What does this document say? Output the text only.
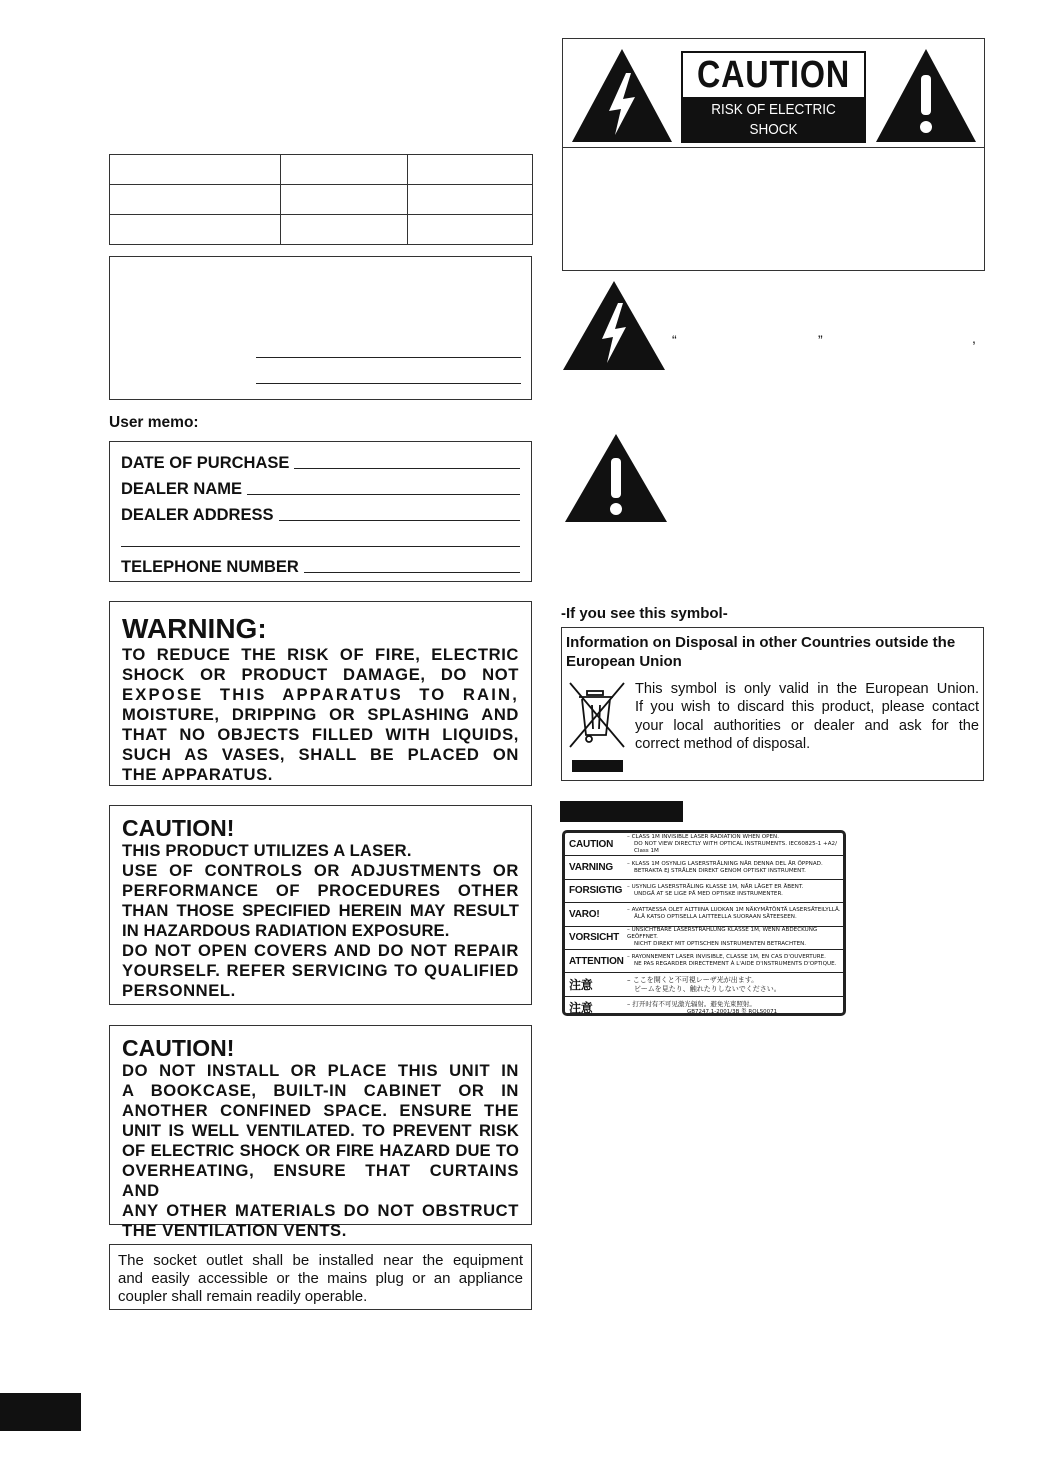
User memo:
DATE OF PURCHASE
DEALER NAME
DEALER ADDRESS
TELEPHONE NUMBER
WARNING:
TO REDUCE THE RISK OF FIRE, ELECTRIC
SHOCK OR PRODUCT DAMAGE, DO NOT
EXPOSE THIS APPARATUS TO RAIN,
MOISTURE, DRIPPING OR SPLASHING AND
THAT NO OBJECTS FILLED WITH LIQUIDS,
SUCH AS VASES, SHALL BE PLACED ON
THE APPARATUS.
CAUTION!
THIS PRODUCT UTILIZES A LASER.
USE OF CONTROLS OR ADJUSTMENTS OR
PERFORMANCE OF PROCEDURES OTHER
THAN THOSE SPECIFIED HEREIN MAY RESULT
IN HAZARDOUS RADIATION EXPOSURE.
DO NOT OPEN COVERS AND DO NOT REPAIR
YOURSELF. REFER SERVICING TO QUALIFIED
PERSONNEL.
CAUTION!
DO NOT INSTALL OR PLACE THIS UNIT IN
A BOOKCASE, BUILT-IN CABINET OR IN
ANOTHER CONFINED SPACE. ENSURE THE
UNIT IS WELL VENTILATED. TO PREVENT RISK
OF ELECTRIC SHOCK OR FIRE HAZARD DUE TO
OVERHEATING, ENSURE THAT CURTAINS AND
ANY OTHER MATERIALS DO NOT OBSTRUCT
THE VENTILATION VENTS.
The socket outlet shall be installed near the equipment
and easily accessible or the mains plug or an appliance
coupler shall remain readily operable.
CAUTION
RISK OF ELECTRIC SHOCK
DO NOT OPEN
“	”	,
-If you see this symbol-
Information on Disposal in other Countries outside the
European Union
This symbol is only valid in the European Union.
If you wish to discard this product, please contact
your local authorities or dealer and ask for the
correct method of disposal.
CAUTION
– CLASS 1M INVISIBLE LASER RADIATION WHEN OPEN.
DO NOT VIEW DIRECTLY WITH OPTICAL INSTRUMENTS. IEC60825-1 +A2/ Class 1M
VARNING	– KLASS 1M OSYNLIG LASERSTRÅLNING NÄR DENNA DEL ÄR ÖPPNAD.
BETRAKTA EJ STRÅLEN DIREKT GENOM OPTISKT INSTRUMENT.
FORSIGTIG – USYNLIG LASERSTRÅLING KLASSE 1M, NÅR LÅGET ER ÅBENT.
UNDGÅ AT SE LIGE PÅ MED OPTISKE INSTRUMENTER.
VARO!	– AVATTAESSA OLET ALTTIINA LUOKAN 1M NÄKYMÄTÖNTÄ LASERSÄTEILYLLÄ.
ÄLÄ KATSO OPTISELLA LAITTEELLA SUORAAN SÄTEESEEN.
VORSICHT
– UNSICHTBARE LASERSTRAHLUNG KLASSE 1M, WENN ABDECKUNG GEÖFFNET.
NICHT DIREKT MIT OPTISCHEN INSTRUMENTEN BETRACHTEN.
ATTENTION – RAYONNEMENT LASER INVISIBLE, CLASSE 1M, EN CAS D'OUVERTURE.
NE PAS REGARDER DIRECTEMENT À L'AIDE D'INSTRUMENTS D'OPTIQUE.
注意	– ここを開くと不可視レーザ光が出ます。
ビームを見たり、触れたりしないでください。
注意	– 打开时有不可见激光辐射。避免光束照射。
GB7247.1-2001/3B 类 RQLS0071
